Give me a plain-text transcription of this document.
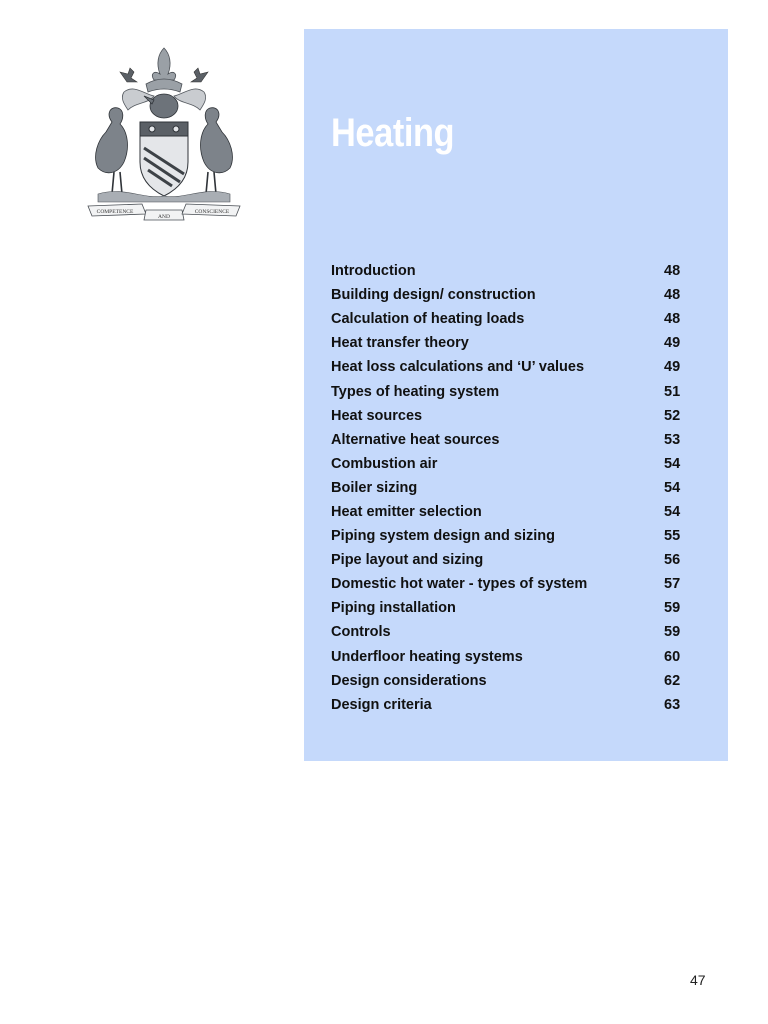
COMPETENCE
AND
CONSCIENCE
Heating
Introduction	48
Building design/ construction	48
Calculation of heating loads	48
Heat transfer theory	49
Heat loss calculations and ‘U’ values	49
Types of heating system	51
Heat sources	52
Alternative heat sources	53
Combustion air	54
Boiler sizing	54
Heat emitter selection	54
Piping system design and sizing	55
Pipe layout and sizing	56
Domestic hot water - types of system	57
Piping installation	59
Controls	59
Underfloor heating systems	60
Design considerations	62
Design criteria	63
47
